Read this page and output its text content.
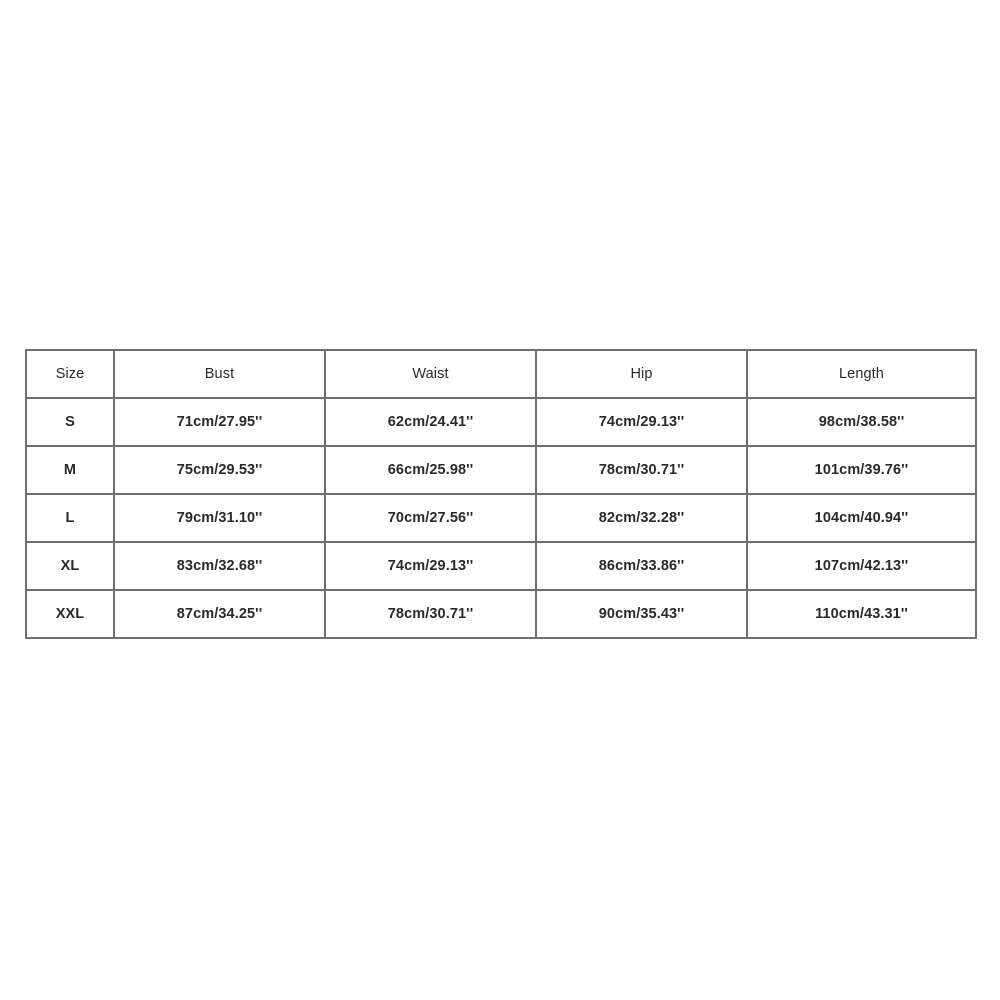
Size	Bust	Waist	Hip	Length
S	71cm/27.95''	62cm/24.41''	74cm/29.13''	98cm/38.58''
M	75cm/29.53''	66cm/25.98''	78cm/30.71''	101cm/39.76''
L	79cm/31.10''	70cm/27.56''	82cm/32.28''	104cm/40.94''
XL	83cm/32.68''	74cm/29.13''	86cm/33.86''	107cm/42.13''
XXL	87cm/34.25''	78cm/30.71''	90cm/35.43''	110cm/43.31''
